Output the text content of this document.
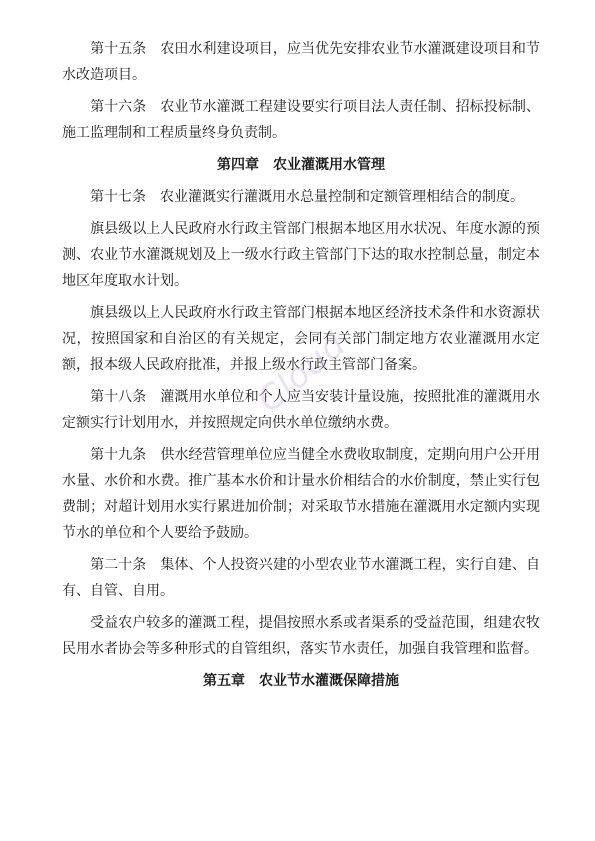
第十五条　农田水利建设项目，应当优先安排农业节水灌溉建设项目和节水改造项目。

第十六条　农业节水灌溉工程建设要实行项目法人责任制、招标投标制、施工监理制和工程质量终身负责制。

第四章　农业灌溉用水管理

第十七条　农业灌溉实行灌溉用水总量控制和定额管理相结合的制度。

旗县级以上人民政府水行政主管部门根据本地区用水状况、年度水源的预测、农业节水灌溉规划及上一级水行政主管部门下达的取水控制总量，制定本地区年度取水计划。

旗县级以上人民政府水行政主管部门根据本地区经济技术条件和水资源状况，按照国家和自治区的有关规定，会同有关部门制定地方农业灌溉用水定额，报本级人民政府批准，并报上级水行政主管部门备案。

第十八条　灌溉用水单位和个人应当安装计量设施，按照批准的灌溉用水定额实行计划用水，并按照规定向供水单位缴纳水费。

第十九条　供水经营管理单位应当健全水费收取制度，定期向用户公开用水量、水价和水费。推广基本水价和计量水价相结合的水价制度，禁止实行包费制；对超计划用水实行累进加价制；对采取节水措施在灌溉用水定额内实现节水的单位和个人要给予鼓励。

第二十条　集体、个人投资兴建的小型农业节水灌溉工程，实行自建、自有、自管、自用。

受益农户较多的灌溉工程，提倡按照水系或者渠系的受益范围，组建农牧民用水者协会等多种形式的自管组织，落实节水责任，加强自我管理和监督。

第五章　农业节水灌溉保障措施
Cloud
